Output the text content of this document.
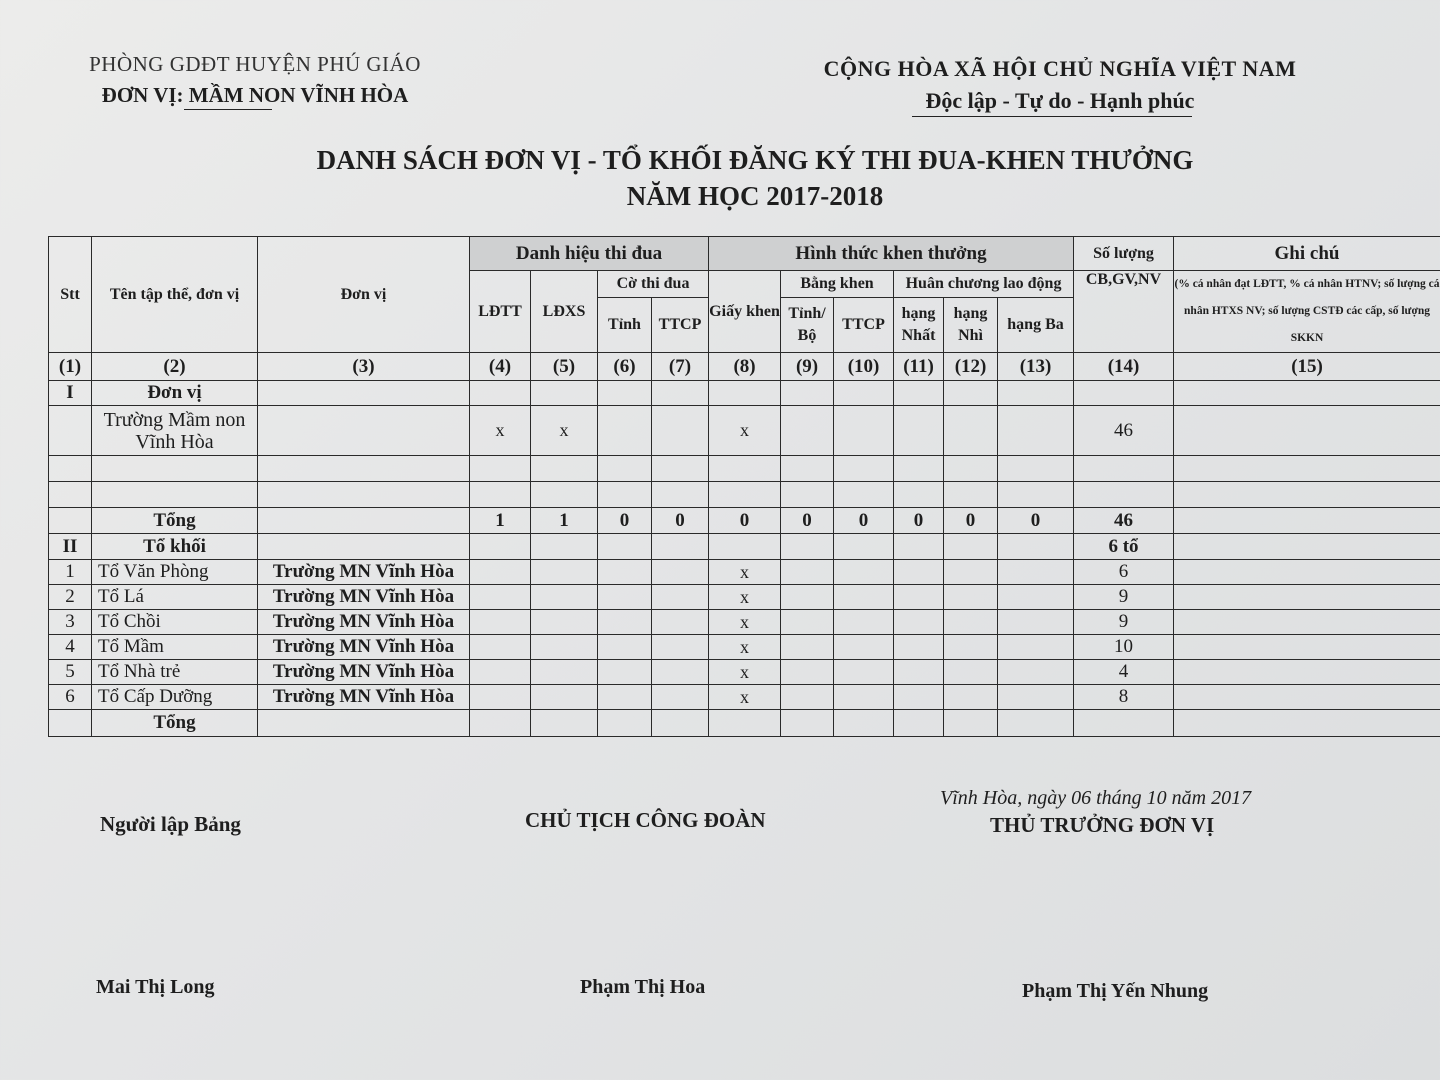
PHÒNG GDĐT HUYỆN PHÚ GIÁO
ĐƠN VỊ: MẦM NON VĨNH HÒA
CỘNG HÒA XÃ HỘI CHỦ NGHĨA VIỆT NAM
Độc lập - Tự do - Hạnh phúc
DANH SÁCH ĐƠN VỊ - TỔ KHỐI ĐĂNG KÝ THI ĐUA-KHEN THƯỞNG
NĂM HỌC 2017-2018
Stt	Tên tập thể, đơn vị	Đơn vị	Danh hiệu thi đua				Hình thức khen thưởng						Số lượng	Ghi chú
			LĐTT	LĐXS	Cờ thi đua		Giấy khen	Bằng khen		Huân chương lao động			CB,GV,NV	(% cá nhân đạt LĐTT, % cá nhân HTNV; số lượng cá nhân HTXS NV; số lượng CSTĐ các cấp, số lượng SKKN
					Tỉnh	TTCP		Tỉnh/ Bộ	TTCP	hạng Nhất	hạng Nhì	hạng Ba		
(1)	(2)	(3)	(4)	(5)	(6)	(7)	(8)	(9)	(10)	(11)	(12)	(13)	(14)	(15)
I	Đơn vị													
	Trường Mầm non Vĩnh Hòa		x	x			x						46	

	Tổng		1	1	0	0	0	0	0	0	0	0	46	
II	Tổ khối												6 tổ	
1	Tổ Văn Phòng	Trường MN Vĩnh Hòa					x						6	
2	Tổ Lá	Trường MN Vĩnh Hòa					x						9	
3	Tổ Chồi	Trường MN Vĩnh Hòa					x						9	
4	Tổ Mầm	Trường MN Vĩnh Hòa					x						10	
5	Tổ Nhà trẻ	Trường MN Vĩnh Hòa					x						4	
6	Tổ Cấp Dưỡng	Trường MN Vĩnh Hòa					x						8	
	Tổng													
Vĩnh Hòa, ngày 06 tháng 10 năm 2017
Người lập Bảng	CHỦ TỊCH CÔNG ĐOÀN	THỦ TRƯỞNG ĐƠN VỊ
Mai Thị Long	Phạm Thị Hoa	Phạm Thị Yến Nhung
